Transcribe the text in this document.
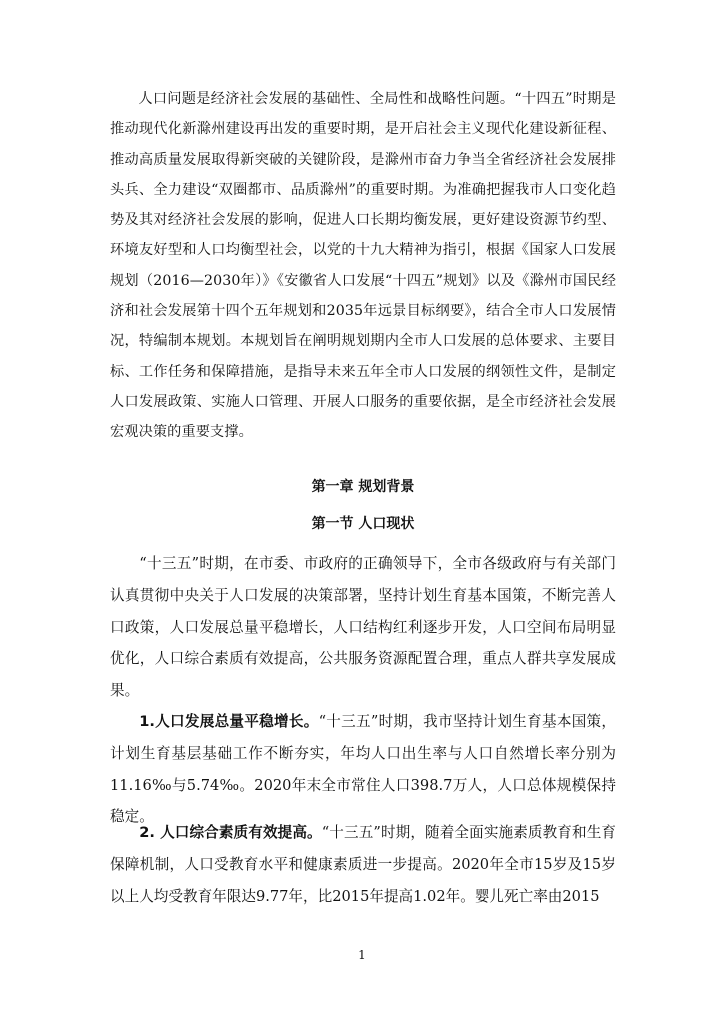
人口问题是经济社会发展的基础性、全局性和战略性问题。“十四五”时期是推动现代化新滁州建设再出发的重要时期，是开启社会主义现代化建设新征程、推动高质量发展取得新突破的关键阶段，是滁州市奋力争当全省经济社会发展排头兵、全力建设“双圈都市、品质滁州”的重要时期。为准确把握我市人口变化趋势及其对经济社会发展的影响，促进人口长期均衡发展，更好建设资源节约型、环境友好型和人口均衡型社会，以党的十九大精神为指引，根据《国家人口发展规划（2016—2030年）》《安徽省人口发展“十四五”规划》以及《滁州市国民经济和社会发展第十四个五年规划和2035年远景目标纲要》，结合全市人口发展情况，特编制本规划。本规划旨在阐明规划期内全市人口发展的总体要求、主要目标、工作任务和保障措施，是指导未来五年全市人口发展的纲领性文件，是制定人口发展政策、实施人口管理、开展人口服务的重要依据，是全市经济社会发展宏观决策的重要支撑。

第一章 规划背景
第一节 人口现状

“十三五”时期，在市委、市政府的正确领导下，全市各级政府与有关部门认真贯彻中央关于人口发展的决策部署，坚持计划生育基本国策，不断完善人口政策，人口发展总量平稳增长，人口结构红利逐步开发，人口空间布局明显优化，人口综合素质有效提高，公共服务资源配置合理，重点人群共享发展成果。

1.人口发展总量平稳增长。“十三五”时期，我市坚持计划生育基本国策，计划生育基层基础工作不断夯实，年均人口出生率与人口自然增长率分别为11.16‰与5.74‰。2020年末全市常住人口398.7万人，人口总体规模保持稳定。

2. 人口综合素质有效提高。“十三五”时期，随着全面实施素质教育和生育保障机制，人口受教育水平和健康素质进一步提高。2020年全市15岁及15岁以上人均受教育年限达9.77年，比2015年提高1.02年。婴儿死亡率由2015

1
